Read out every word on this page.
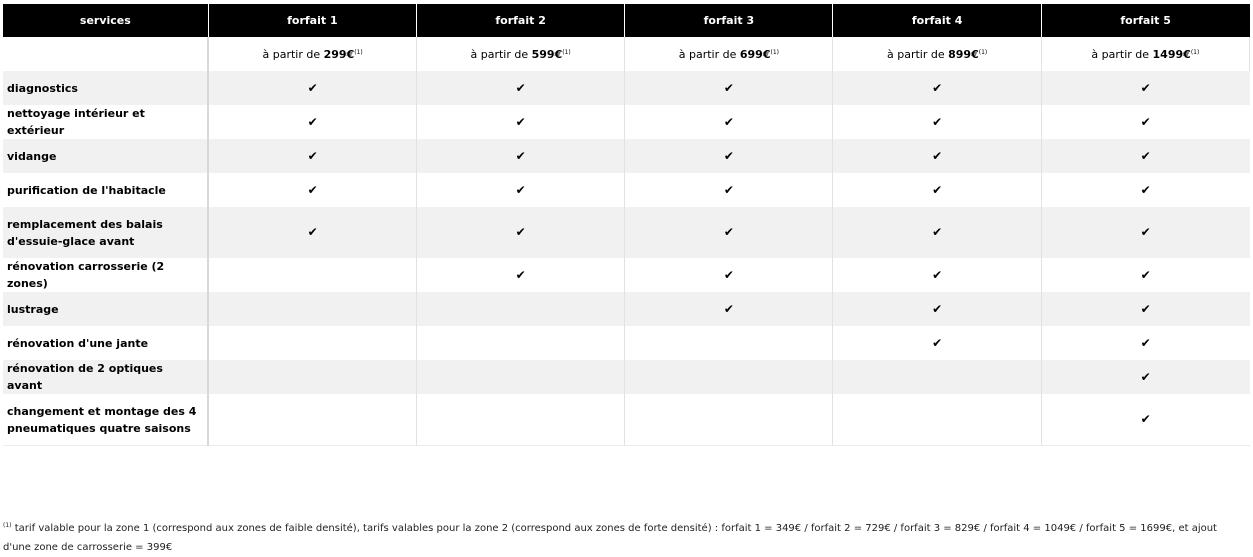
services	forfait 1	forfait 2	forfait 3	forfait 4	forfait 5
	à partir de 299€$^{(1)}$	à partir de 599€$^{(1)}$	à partir de 699€$^{(1)}$	à partir de 899€$^{(1)}$	à partir de 1499€$^{(1)}$
diagnostics	✔	✔	✔	✔	✔
nettoyage intérieur et extérieur	✔	✔	✔	✔	✔
vidange	✔	✔	✔	✔	✔
purification de l'habitacle	✔	✔	✔	✔	✔
remplacement des balais d'essuie-glace avant	✔	✔	✔	✔	✔
rénovation carrosserie (2 zones)		✔	✔	✔	✔
lustrage			✔	✔	✔
rénovation d'une jante				✔	✔
rénovation de 2 optiques avant					✔
changement et montage des 4 pneumatiques quatre saisons					✔
$^{(1)}$ tarif valable pour la zone 1 (correspond aux zones de faible densité), tarifs valables pour la zone 2 (correspond aux zones de forte densité) : forfait 1 = 349€ / forfait 2 = 729€ / forfait 3 = 829€ / forfait 4 = 1049€ / forfait 5 = 1699€, et ajout d'une zone de carrosserie = 399€
